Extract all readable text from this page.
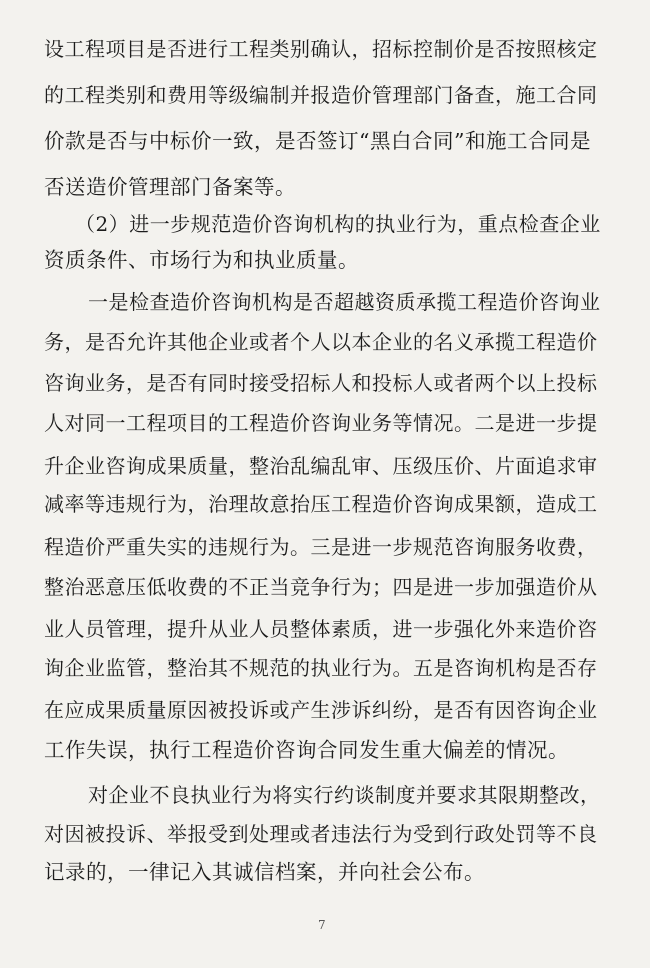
设工程项目是否进行工程类别确认，招标控制价是否按照核定
的工程类别和费用等级编制并报造价管理部门备查，施工合同
价款是否与中标价一致，是否签订“黑白合同”和施工合同是
否送造价管理部门备案等。
（2）进一步规范造价咨询机构的执业行为，重点检查企业
资质条件、市场行为和执业质量。
一是检查造价咨询机构是否超越资质承揽工程造价咨询业
务，是否允许其他企业或者个人以本企业的名义承揽工程造价
咨询业务，是否有同时接受招标人和投标人或者两个以上投标
人对同一工程项目的工程造价咨询业务等情况。二是进一步提
升企业咨询成果质量，整治乱编乱审、压级压价、片面追求审
减率等违规行为，治理故意抬压工程造价咨询成果额，造成工
程造价严重失实的违规行为。三是进一步规范咨询服务收费，
整治恶意压低收费的不正当竞争行为；四是进一步加强造价从
业人员管理，提升从业人员整体素质，进一步强化外来造价咨
询企业监管，整治其不规范的执业行为。五是咨询机构是否存
在应成果质量原因被投诉或产生涉诉纠纷，是否有因咨询企业
工作失误，执行工程造价咨询合同发生重大偏差的情况。
对企业不良执业行为将实行约谈制度并要求其限期整改，
对因被投诉、举报受到处理或者违法行为受到行政处罚等不良
记录的，一律记入其诚信档案，并向社会公布。
7
